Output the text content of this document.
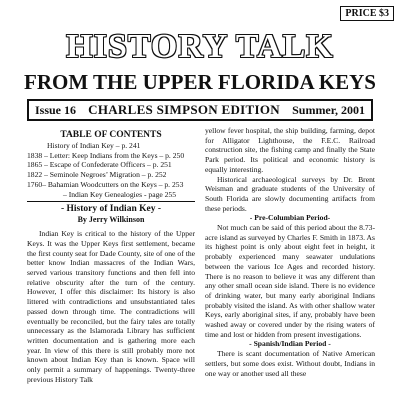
PRICE $3
HISTORY TALK
FROM THE UPPER FLORIDA KEYS
Issue 16 CHARLES SIMPSON EDITION Summer, 2001
TABLE OF CONTENTS
History of Indian Key – p. 241
1838 – Letter: Keep Indians from the Keys – p. 250
1865 – Escape of Confederate Officers – p. 251
1822 – Seminole Negroes’ Migration – p. 252
1760– Bahamian Woodcutters on the Keys – p. 253
– Indian Key Genealogies - page 255
- History of Indian Key -
By Jerry Wilkinson

Indian Key is critical to the history of the Upper Keys. It was the Upper Keys first settlement, became the first county seat for Dade County, site of one of the better know Indian massacres of the Indian Wars, served various transitory functions and then fell into relative obscurity after the turn of the century. However, I offer this disclaimer: Its history is also littered with contradictions and unsubstantiated tales passed down through time. The contradictions will eventually be reconciled, but the fairy tales are totally unnecessary as the Islamorada Library has sufficient written documentation and is gathering more each year. In view of this there is still probably more not known about Indian Key than is known. Space will only permit a summary of happenings. Twenty-three previous History Talk

yellow fever hospital, the ship building, farming, depot for Alligator Lighthouse, the F.E.C. Railroad construction site, the fishing camp and finally the State Park period. Its political and economic history is equally interesting.

Historical archaeological surveys by Dr. Brent Weisman and graduate students of the University of South Florida are slowly documenting artifacts from these periods.

- Pre-Columbian Period-

Not much can be said of this period about the 8.73-acre island as surveyed by Charles F. Smith in 1873. As its highest point is only about eight feet in height, it probably experienced many seawater undulations between the various Ice Ages and recorded history. There is no reason to believe it was any different than any other small ocean side island. There is no evidence of drinking water, but many early aboriginal Indians probably visited the island. As with other shallow water Keys, early aboriginal sites, if any, probably have been washed away or covered under by the rising waters of time and lost or hidden from present investigations.

- Spanish/Indian Period -

There is scant documentation of Native American settlers, but some does exist. Without doubt, Indians in one way or another used all these
